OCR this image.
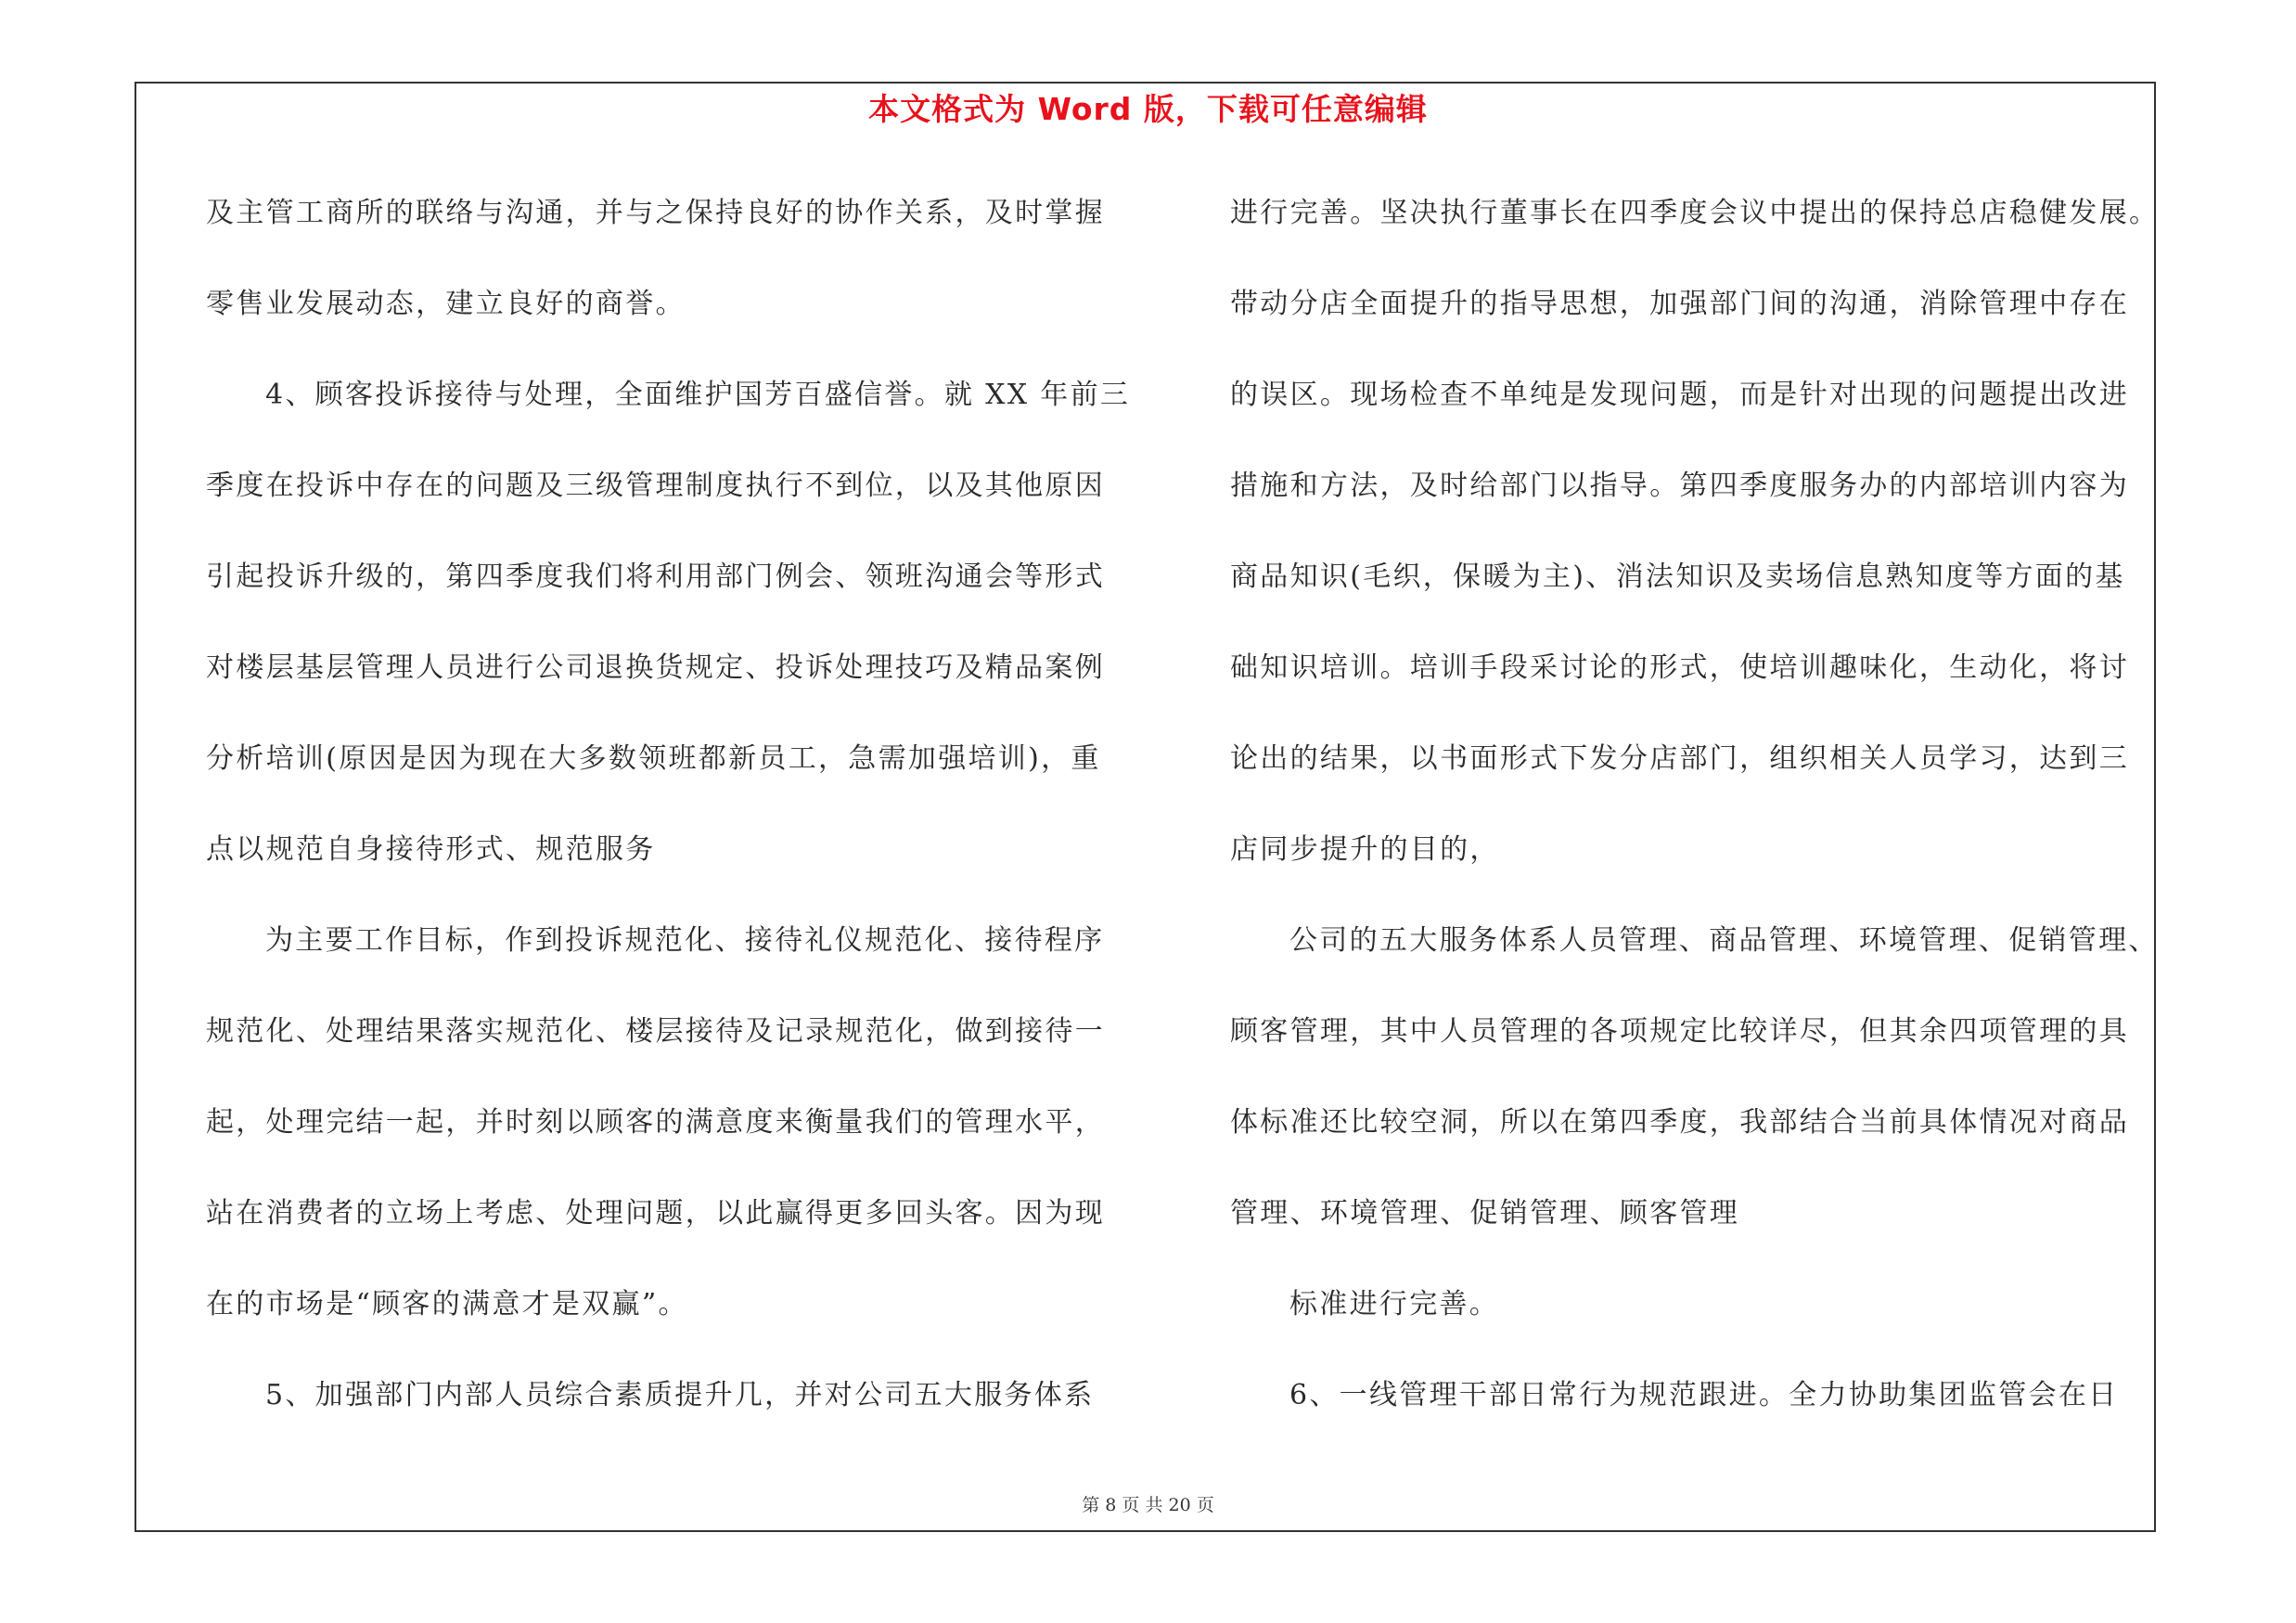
本文格式为 Word 版，下载可任意编辑
及主管工商所的联络与沟通，并与之保持良好的协作关系，及时掌握
零售业发展动态，建立良好的商誉。
4、顾客投诉接待与处理，全面维护国芳百盛信誉。就 XX 年前三
季度在投诉中存在的问题及三级管理制度执行不到位，以及其他原因
引起投诉升级的，第四季度我们将利用部门例会、领班沟通会等形式
对楼层基层管理人员进行公司退换货规定、投诉处理技巧及精品案例
分析培训(原因是因为现在大多数领班都新员工，急需加强培训)，重
点以规范自身接待形式、规范服务
为主要工作目标，作到投诉规范化、接待礼仪规范化、接待程序
规范化、处理结果落实规范化、楼层接待及记录规范化，做到接待一
起，处理完结一起，并时刻以顾客的满意度来衡量我们的管理水平，
站在消费者的立场上考虑、处理问题，以此赢得更多回头客。因为现
在的市场是“顾客的满意才是双赢”。
5、加强部门内部人员综合素质提升几，并对公司五大服务体系
进行完善。坚决执行董事长在四季度会议中提出的保持总店稳健发展。
带动分店全面提升的指导思想，加强部门间的沟通，消除管理中存在
的误区。现场检查不单纯是发现问题，而是针对出现的问题提出改进
措施和方法，及时给部门以指导。第四季度服务办的内部培训内容为
商品知识(毛织，保暖为主)、消法知识及卖场信息熟知度等方面的基
础知识培训。培训手段采讨论的形式，使培训趣味化，生动化，将讨
论出的结果，以书面形式下发分店部门，组织相关人员学习，达到三
店同步提升的目的，
公司的五大服务体系人员管理、商品管理、环境管理、促销管理、
顾客管理，其中人员管理的各项规定比较详尽，但其余四项管理的具
体标准还比较空洞，所以在第四季度，我部结合当前具体情况对商品
管理、环境管理、促销管理、顾客管理
标准进行完善。
6、一线管理干部日常行为规范跟进。全力协助集团监管会在日
第 8 页 共 20 页
